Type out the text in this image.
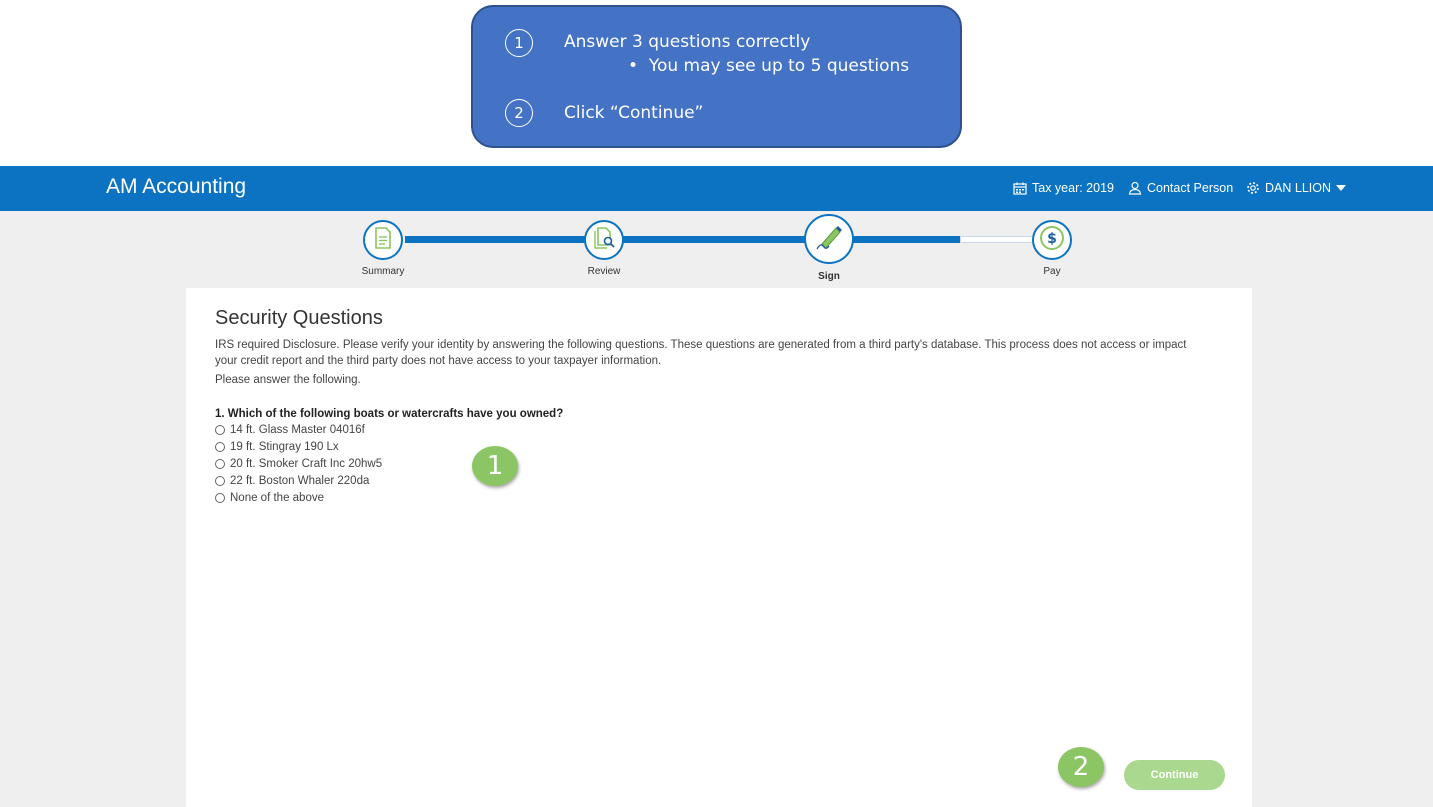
1	Answer 3 questions correctly
•  You may see up to 5 questions
2	Click “Continue”
AM Accounting	Tax year: 2019	Contact Person	DAN LLION
Summary	Review	Sign
$
Pay
Security Questions
IRS required Disclosure. Please verify your identity by answering the following questions. These questions are generated from a third party's database. This process does not access or impact your credit report and the third party does not have access to your taxpayer information.
Please answer the following.
1. Which of the following boats or watercrafts have you owned?
14 ft. Glass Master 04016f
19 ft. Stingray 190 Lx
20 ft. Smoker Craft Inc 20hw5
22 ft. Boston Whaler 220da
None of the above
Continue
1
2
